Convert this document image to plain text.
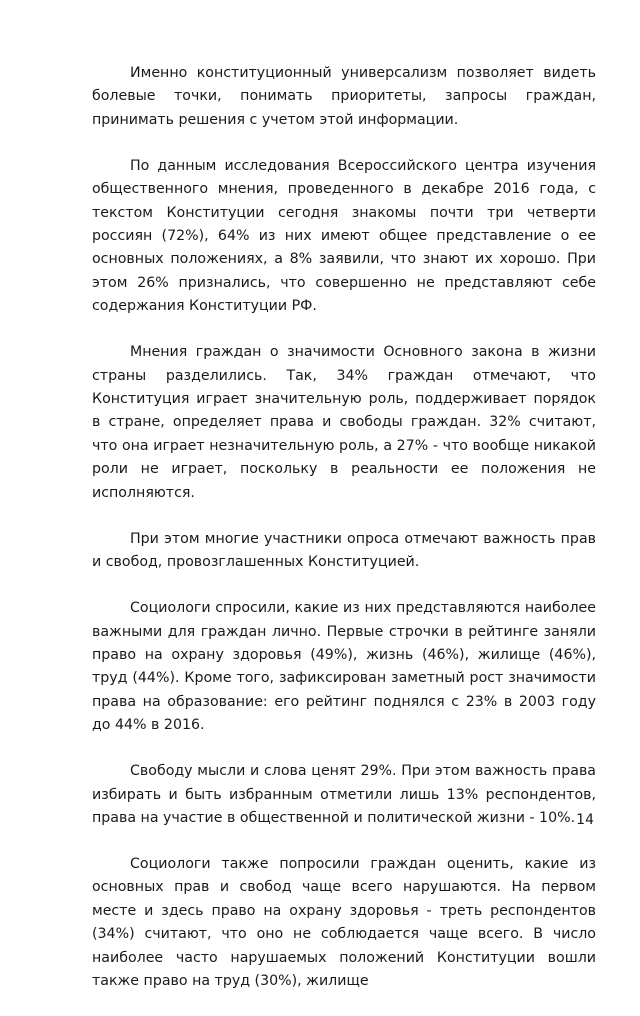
Именно конституционный универсализм позволяет видеть болевые точки, понимать приоритеты, запросы граждан, принимать решения с учетом этой информации.

По данным исследования Всероссийского центра изучения общественного мнения, проведенного в декабре 2016 года, с текстом Конституции сегодня знакомы почти три четверти россиян (72%), 64% из них имеют общее представление о ее основных положениях, а 8% заявили, что знают их хорошо. При этом 26% признались, что совершенно не представляют себе содержания Конституции РФ.

Мнения граждан о значимости Основного закона в жизни страны разделились. Так, 34% граждан отмечают, что Конституция играет значительную роль, поддерживает порядок в стране, определяет права и свободы граждан. 32% считают, что она играет незначительную роль, а 27% - что вообще никакой роли не играет, поскольку в реальности ее положения не исполняются.

При этом многие участники опроса отмечают важность прав и свобод, провозглашенных Конституцией.

Социологи спросили, какие из них представляются наиболее важными для граждан лично. Первые строчки в рейтинге заняли право на охрану здоровья (49%), жизнь (46%), жилище (46%), труд (44%). Кроме того, зафиксирован заметный рост значимости права на образование: его рейтинг поднялся с 23% в 2003 году до 44% в 2016.

Свободу мысли и слова ценят 29%. При этом важность права избирать и быть избранным отметили лишь 13% респондентов, права на участие в общественной и политической жизни - 10%.

Социологи также попросили граждан оценить, какие из основных прав и свобод чаще всего нарушаются. На первом месте и здесь право на охрану здоровья - треть респондентов (34%) считают, что оно не соблюдается чаще всего. В число наиболее часто нарушаемых положений Конституции вошли также право на труд (30%), жилище

14
